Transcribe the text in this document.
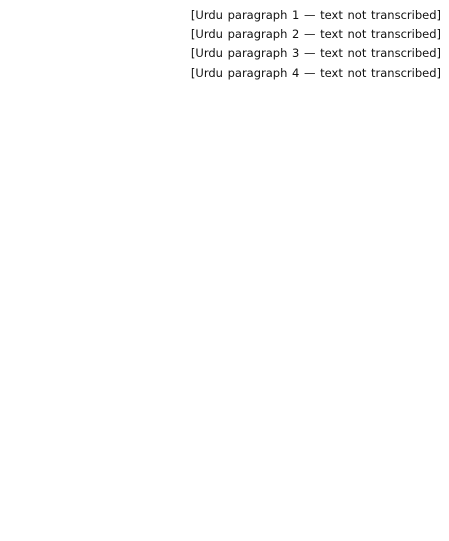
[Urdu paragraph 1 — text not transcribed]

[Urdu paragraph 2 — text not transcribed]

[Urdu paragraph 3 — text not transcribed]

[Urdu paragraph 4 — text not transcribed]
